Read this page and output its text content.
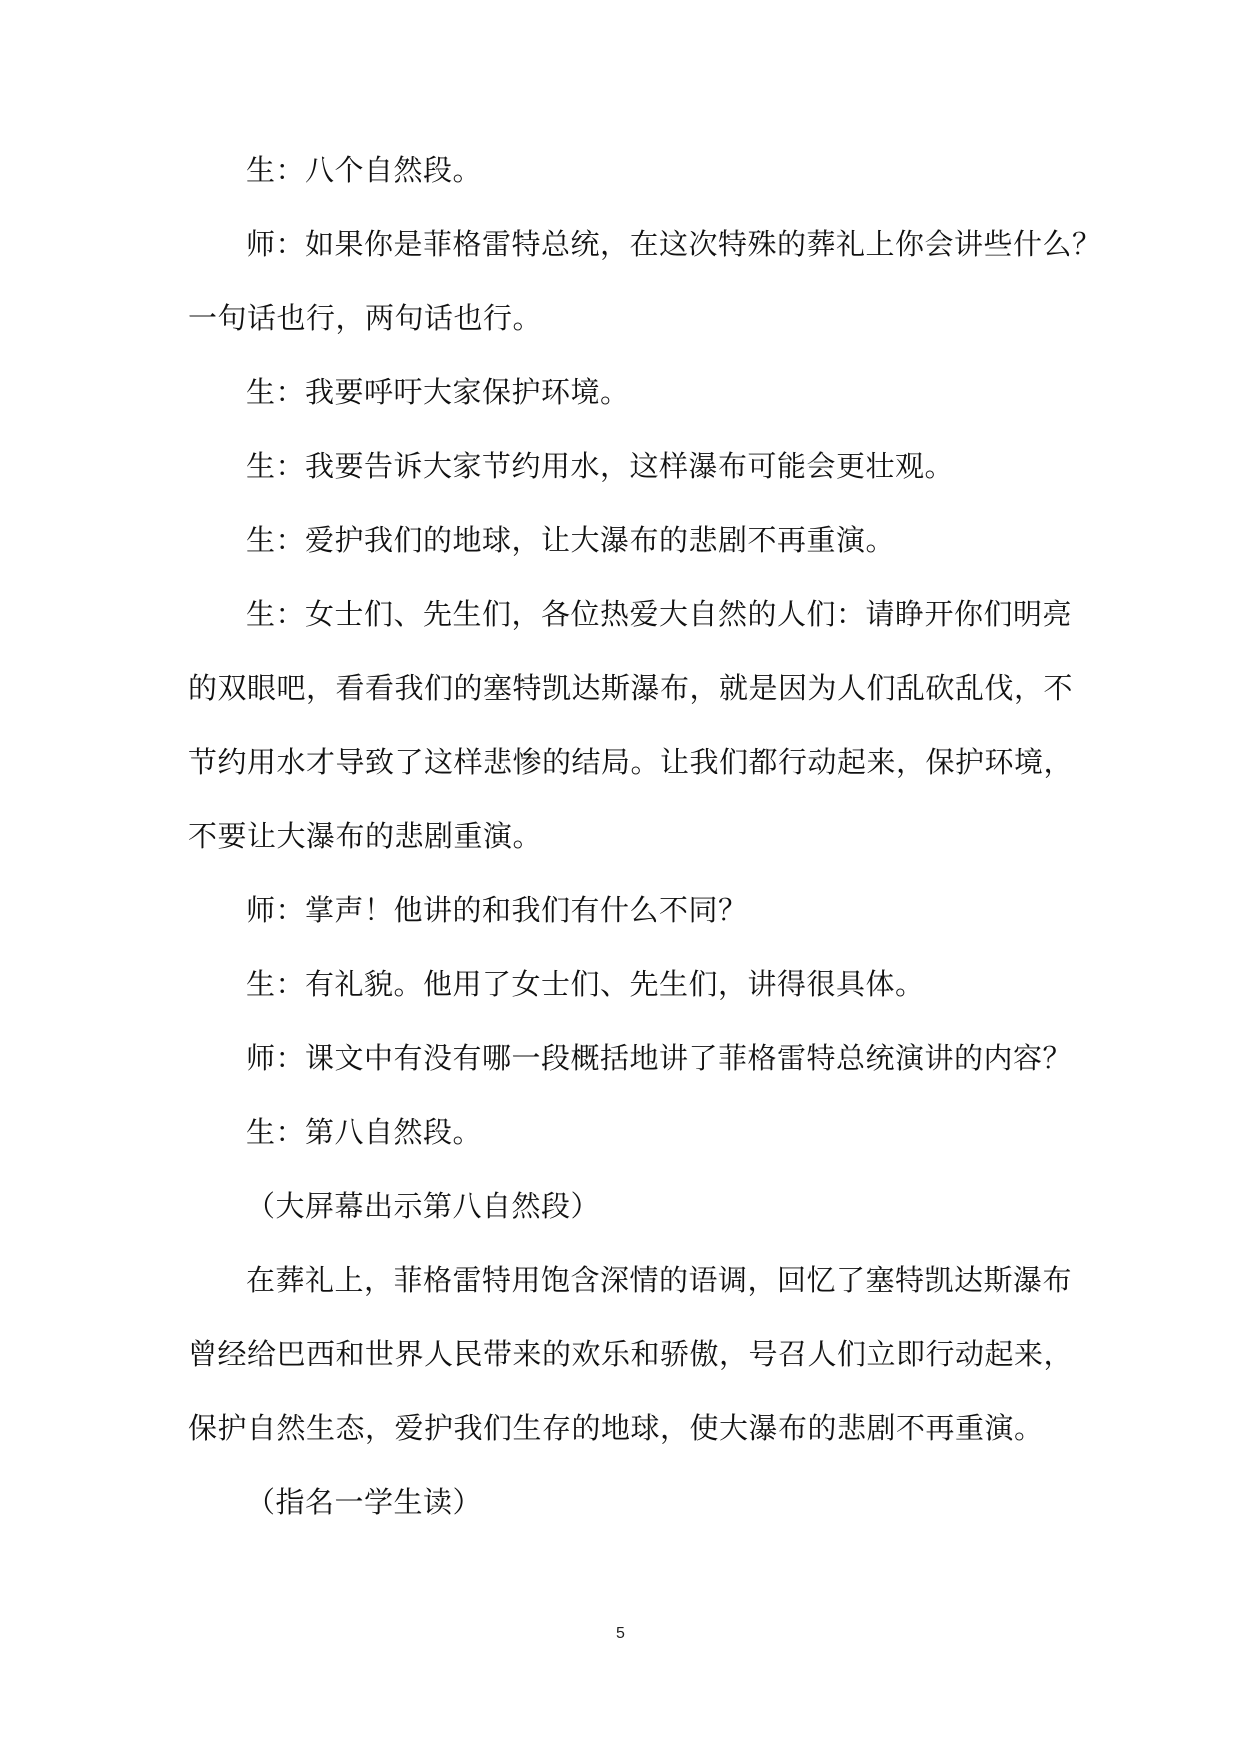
生：八个自然段。
师：如果你是菲格雷特总统，在这次特殊的葬礼上你会讲些什么？
一句话也行，两句话也行。
生：我要呼吁大家保护环境。
生：我要告诉大家节约用水，这样瀑布可能会更壮观。
生：爱护我们的地球，让大瀑布的悲剧不再重演。
生：女士们、先生们，各位热爱大自然的人们：请睁开你们明亮
的双眼吧，看看我们的塞特凯达斯瀑布，就是因为人们乱砍乱伐，不
节约用水才导致了这样悲惨的结局。让我们都行动起来，保护环境，
不要让大瀑布的悲剧重演。
师：掌声！他讲的和我们有什么不同？
生：有礼貌。他用了女士们、先生们，讲得很具体。
师：课文中有没有哪一段概括地讲了菲格雷特总统演讲的内容？
生：第八自然段。
（大屏幕出示第八自然段）
在葬礼上，菲格雷特用饱含深情的语调，回忆了塞特凯达斯瀑布
曾经给巴西和世界人民带来的欢乐和骄傲，号召人们立即行动起来，
保护自然生态，爱护我们生存的地球，使大瀑布的悲剧不再重演。
（指名一学生读）
5
